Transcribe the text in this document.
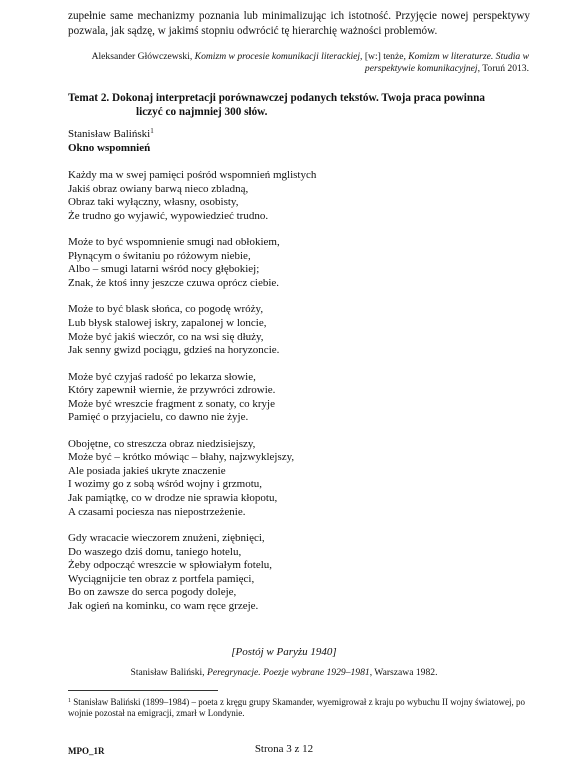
zupełnie same mechanizmy poznania lub minimalizując ich istotność. Przyjęcie nowej perspektywy pozwala, jak sądzę, w jakimś stopniu odwrócić tę hierarchię ważności problemów.

Aleksander Główczewski, Komizm w procesie komunikacji literackiej, [w:] tenże, Komizm w literaturze. Studia w perspektywie komunikacyjnej, Toruń 2013.

Temat 2. Dokonaj interpretacji porównawczej podanych tekstów. Twoja praca powinna
liczyć co najmniej 300 słów.

Stanisław Baliński$^1$

Okno wspomnień

Każdy ma w swej pamięci pośród wspomnień mglistych
Jakiś obraz owiany barwą nieco zbladną,
Obraz taki wyłączny, własny, osobisty,
Że trudno go wyjawić, wypowiedzieć trudno.
Może to być wspomnienie smugi nad obłokiem,
Płynącym o świtaniu po różowym niebie,
Albo – smugi latarni wśród nocy głębokiej;
Znak, że ktoś inny jeszcze czuwa oprócz ciebie.
Może to być blask słońca, co pogodę wróży,
Lub błysk stalowej iskry, zapalonej w loncie,
Może być jakiś wieczór, co na wsi się dłuży,
Jak senny gwizd pociągu, gdzieś na horyzoncie.
Może być czyjaś radość po lekarza słowie,
Który zapewnił wiernie, że przywróci zdrowie.
Może być wreszcie fragment z sonaty, co kryje
Pamięć o przyjacielu, co dawno nie żyje.
Obojętne, co streszcza obraz niedzisiejszy,
Może być – krótko mówiąc – błahy, najzwyklejszy,
Ale posiada jakieś ukryte znaczenie
I wozimy go z sobą wśród wojny i grzmotu,
Jak pamiątkę, co w drodze nie sprawia kłopotu,
A czasami pociesza nas niepostrzeżenie.
Gdy wracacie wieczorem znużeni, ziębnięci,
Do waszego dziś domu, taniego hotelu,
Żeby odpocząć wreszcie w spłowiałym fotelu,
Wyciągnijcie ten obraz z portfela pamięci,
Bo on zawsze do serca pogody doleje,
Jak ogień na kominku, co wam ręce grzeje.
[Postój w Paryżu 1940]
Stanisław Baliński, Peregrynacje. Poezje wybrane 1929–1981, Warszawa 1982.

$^1$ Stanisław Baliński (1899–1984) – poeta z kręgu grupy Skamander, wyemigrował z kraju po wybuchu II wojny światowej, po wojnie pozostał na emigracji, zmarł w Londynie.

MPO_1R	Strona 3 z 12
